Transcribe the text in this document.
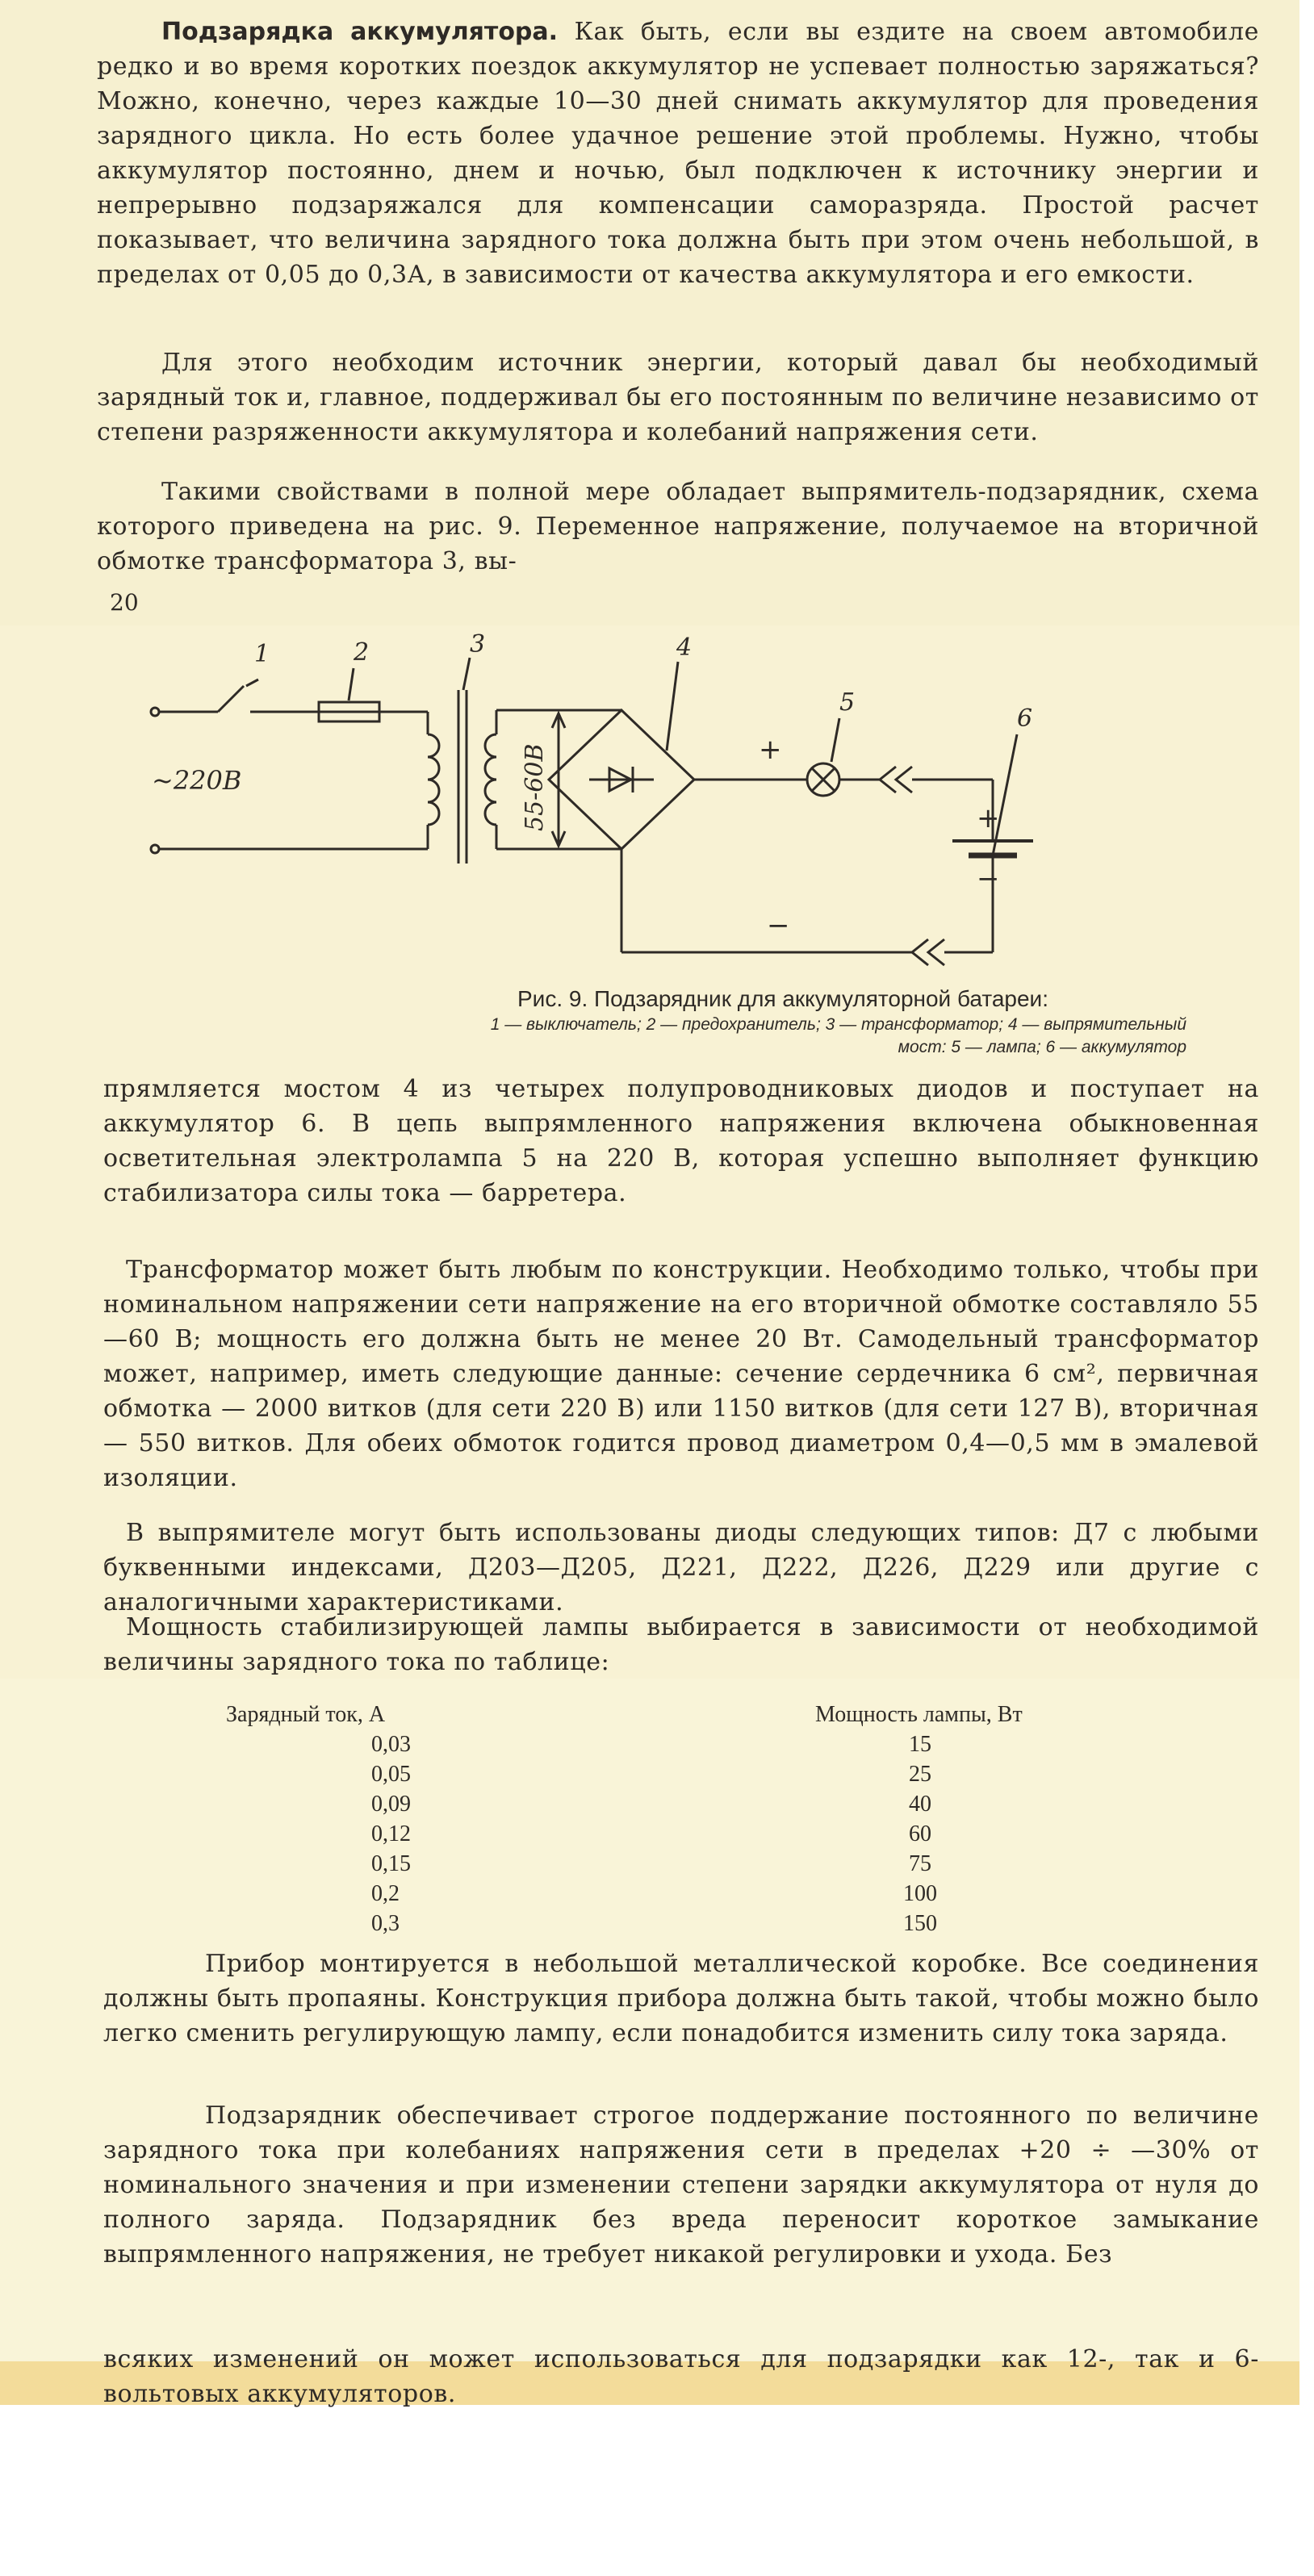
Подзарядка аккумулятора. Как быть, если вы ездите на своем автомобиле редко и во время коротких поездок аккумулятор не успевает полностью заряжаться? Можно, конечно, через каждые 10—30 дней снимать аккумулятор для проведения зарядного цикла. Но есть более удачное решение этой проблемы. Нужно, чтобы аккумулятор постоянно, днем и ночью, был подключен к источнику энергии и непрерывно подзаряжался для компенсации саморазряда. Простой расчет показывает, что величина зарядного тока должна быть при этом очень небольшой, в пределах от 0,05 до 0,3А, в зависимости от качества аккумулятора и его емкости.

Для этого необходим источник энергии, который давал бы необходимый зарядный ток и, главное, поддерживал бы его постоянным по величине независимо от степени разряженности аккумулятора и колебаний напряжения сети.

Такими свойствами в полной мере обладает выпрямитель-подзарядник, схема которого приведена на рис. 9. Переменное напряжение, получаемое на вторичной обмотке трансформатора 3, вы-

20
1	2	3	4
5
6
~220В	55-60В	+
+
−
−
Рис. 9. Подзарядник для аккумуляторной батареи:
1 — выключатель; 2 — предохранитель; 3 — трансформатор; 4 — выпрямительный
мост: 5 — лампа; 6 — аккумулятор

прямляется мостом 4 из четырех полупроводниковых диодов и поступает на аккумулятор 6. В цепь выпрямленного напряжения включена обыкновенная осветительная электролампа 5 на 220 В, которая успешно выполняет функцию стабилизатора силы тока — барретера.

Трансформатор может быть любым по конструкции. Необходимо только, чтобы при номинальном напряжении сети напряжение на его вторичной обмотке составляло 55—60 В; мощность его должна быть не менее 20 Вт. Самодельный трансформатор может, например, иметь следующие данные: сечение сердечника 6 см², первичная обмотка — 2000 витков (для сети 220 В) или 1150 витков (для сети 127 В), вторичная — 550 витков. Для обеих обмоток годится провод диаметром 0,4—0,5 мм в эмалевой изоляции.

В выпрямителе могут быть использованы диоды следующих типов: Д7 с любыми буквенными индексами, Д203—Д205, Д221, Д222, Д226, Д229 или другие с аналогичными характеристиками.

Мощность стабилизирующей лампы выбирается в зависимости от необходимой величины зарядного тока по таблице:

Зарядный ток, А	Мощность лампы, Вт
0,03	15
0,05	25
0,09	40
0,12	60
0,15	75
0,2	100
0,3	150

Прибор монтируется в небольшой металлической коробке. Все соединения должны быть пропаяны. Конструкция прибора должна быть такой, чтобы можно было легко сменить регулирующую лампу, если понадобится изменить силу тока заряда.

Подзарядник обеспечивает строгое поддержание постоянного по величине зарядного тока при колебаниях напряжения сети в пределах +20 ÷ —30% от номинального значения и при изменении степени зарядки аккумулятора от нуля до полного заряда. Подзарядник без вреда переносит короткое замыкание выпрямленного напряжения, не требует никакой регулировки и ухода. Без

всяких изменений он может использоваться для подзарядки как 12-, так и 6-вольтовых аккумуляторов.
